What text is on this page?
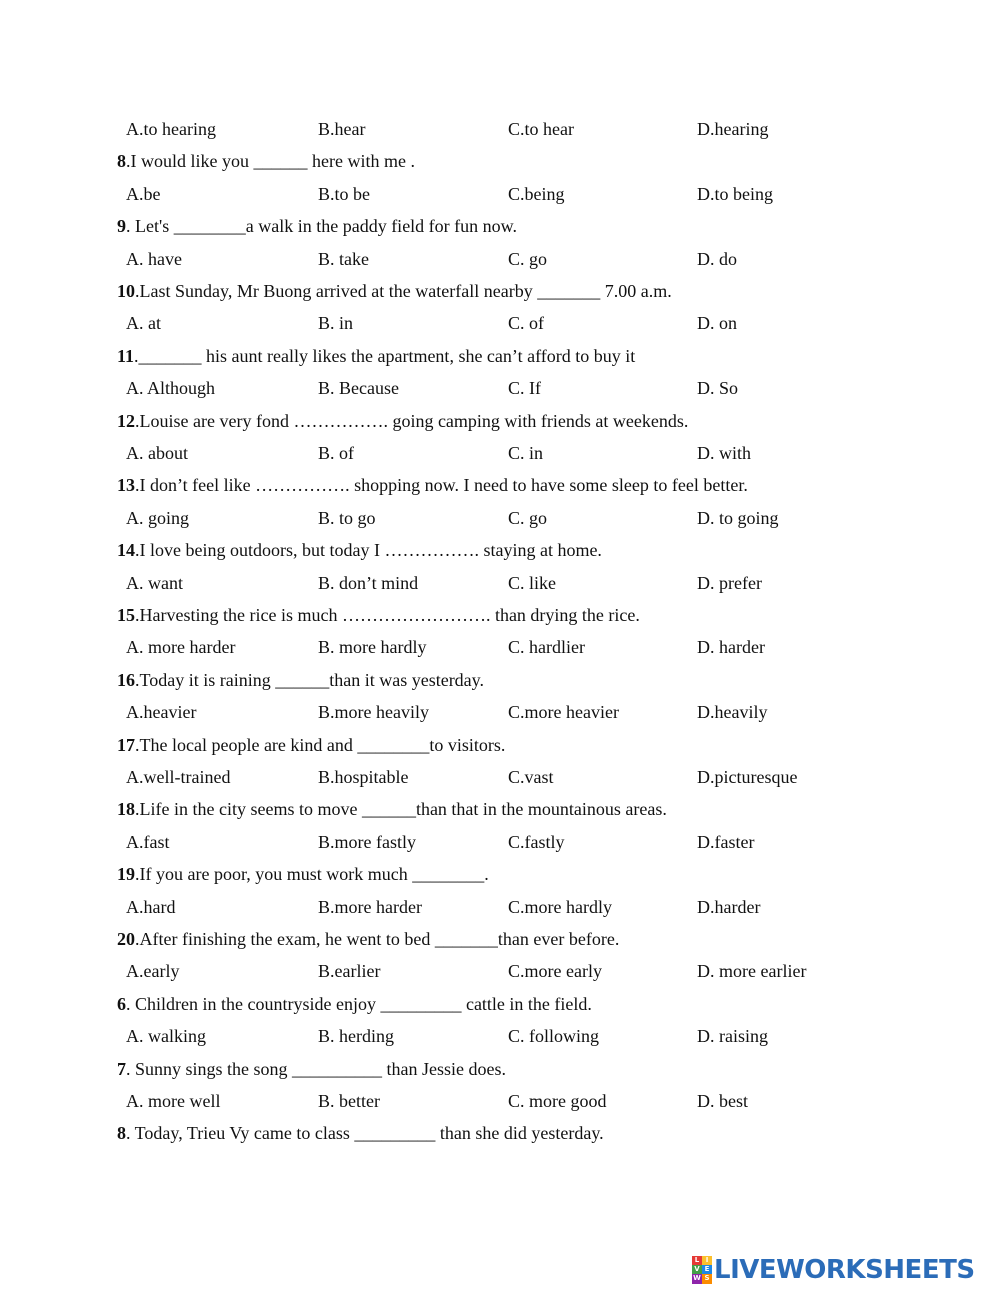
A.to hearing	B.hear	C.to hear	D.hearing
8.I would like you ______ here with me .
A.be	B.to be	C.being	D.to being
9. Let's ________a walk in the paddy field for fun now.
A. have	B. take	C. go	D. do
10.Last Sunday, Mr Buong arrived at the waterfall nearby _______ 7.00 a.m.
A. at	B. in	C. of	D. on
11._______ his aunt really likes the apartment, she can’t afford to buy it
A. Although	B. Because	C. If	D. So
12.Louise are very fond ……………. going camping with friends at weekends.
A. about	B. of	C. in	D. with
13.I don’t feel like ……………. shopping now. I need to have some sleep to feel better.
A. going	B. to go	C. go	D. to going
14.I love being outdoors, but today I ……………. staying at home.
A. want	B. don’t mind	C. like	D. prefer
15.Harvesting the rice is much ……………………. than drying the rice.
A. more harder	B. more hardly	C. hardlier	D. harder
16.Today it is raining ______than it was yesterday.
A.heavier	B.more heavily	C.more heavier	D.heavily
17.The local people are kind and ________to visitors.
A.well-trained	B.hospitable	C.vast	D.picturesque
18.Life in the city seems to move ______than that in the mountainous areas.
A.fast	B.more fastly	C.fastly	D.faster
19.If you are poor, you must work much ________.
A.hard	B.more harder	C.more hardly	D.harder
20.After finishing the exam, he went to bed _______than ever before.
A.early	B.earlier	C.more early	D. more earlier
6. Children in the countryside enjoy _________ cattle in the field.
A. walking	B. herding	C. following	D. raising
7. Sunny sings the song __________ than Jessie does.
A. more well	B. better	C. more good	D. best
8. Today, Trieu Vy came to class _________ than she did yesterday.
L I
V E
W S LIVEWORKSHEETS
